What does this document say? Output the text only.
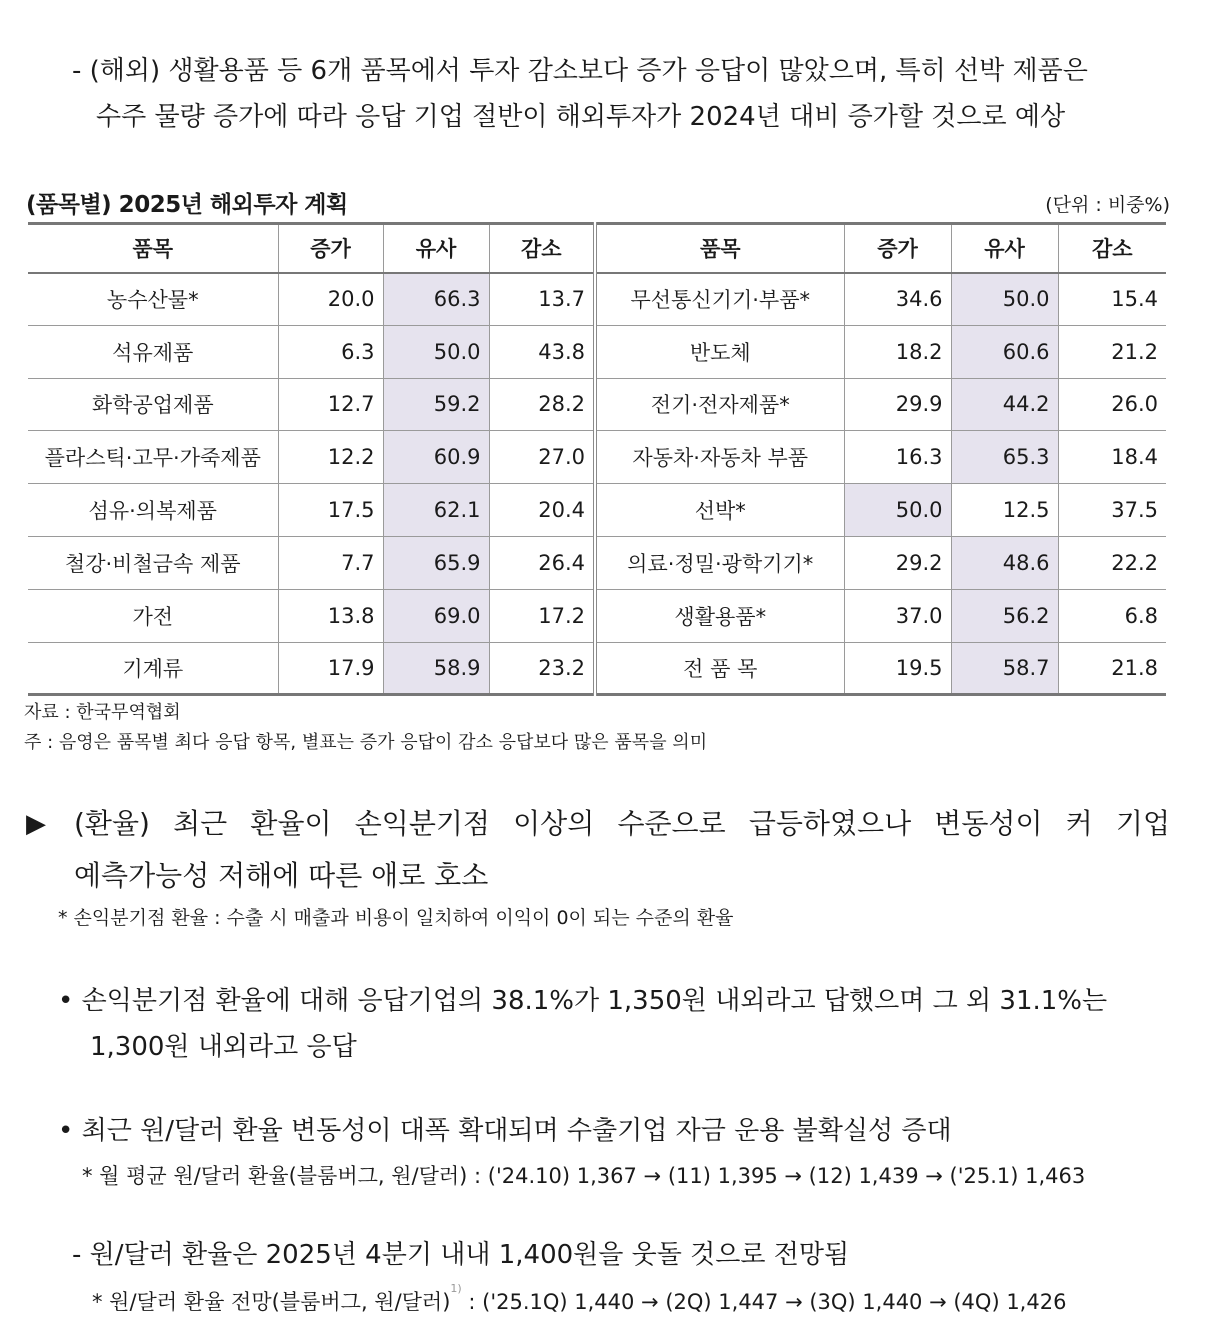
- (해외) 생활용품 등 6개 품목에서 투자 감소보다 증가 응답이 많았으며, 특히 선박 제품은
수주 물량 증가에 따라 응답 기업 절반이 해외투자가 2024년 대비 증가할 것으로 예상
(품목별) 2025년 해외투자 계획	(단위 : 비중%)
품목	증가	유사	감소	품목	증가	유사	감소
농수산물*	20.0	66.3	13.7	무선통신기기·부품*	34.6	50.0	15.4
석유제품	6.3	50.0	43.8	반도체	18.2	60.6	21.2
화학공업제품	12.7	59.2	28.2	전기·전자제품*	29.9	44.2	26.0
플라스틱·고무·가죽제품	12.2	60.9	27.0	자동차·자동차 부품	16.3	65.3	18.4
섬유·의복제품	17.5	62.1	20.4	선박*	50.0	12.5	37.5
철강·비철금속 제품	7.7	65.9	26.4	의료·정밀·광학기기*	29.2	48.6	22.2
가전	13.8	69.0	17.2	생활용품*	37.0	56.2	6.8
기계류	17.9	58.9	23.2	전 품 목	19.5	58.7	21.8
자료 : 한국무역협회
주 : 음영은 품목별 최다 응답 항목, 별표는 증가 응답이 감소 응답보다 많은 품목을 의미
▶	(환율) 최근 환율이 손익분기점 이상의 수준으로 급등하였으나 변동성이 커 기업
예측가능성 저해에 따른 애로 호소
* 손익분기점 환율 : 수출 시 매출과 비용이 일치하여 이익이 0이 되는 수준의 환율
• 손익분기점 환율에 대해 응답기업의 38.1%가 1,350원 내외라고 답했으며 그 외 31.1%는
1,300원 내외라고 응답
• 최근 원/달러 환율 변동성이 대폭 확대되며 수출기업 자금 운용 불확실성 증대
* 월 평균 원/달러 환율(블룸버그, 원/달러) : ('24.10) 1,367 → (11) 1,395 → (12) 1,439 → ('25.1) 1,463
- 원/달러 환율은 2025년 4분기 내내 1,400원을 웃돌 것으로 전망됨
* 원/달러 환율 전망(블룸버그, 원/달러)$^{1)}$ : ('25.1Q) 1,440 → (2Q) 1,447 → (3Q) 1,440 → (4Q) 1,426
